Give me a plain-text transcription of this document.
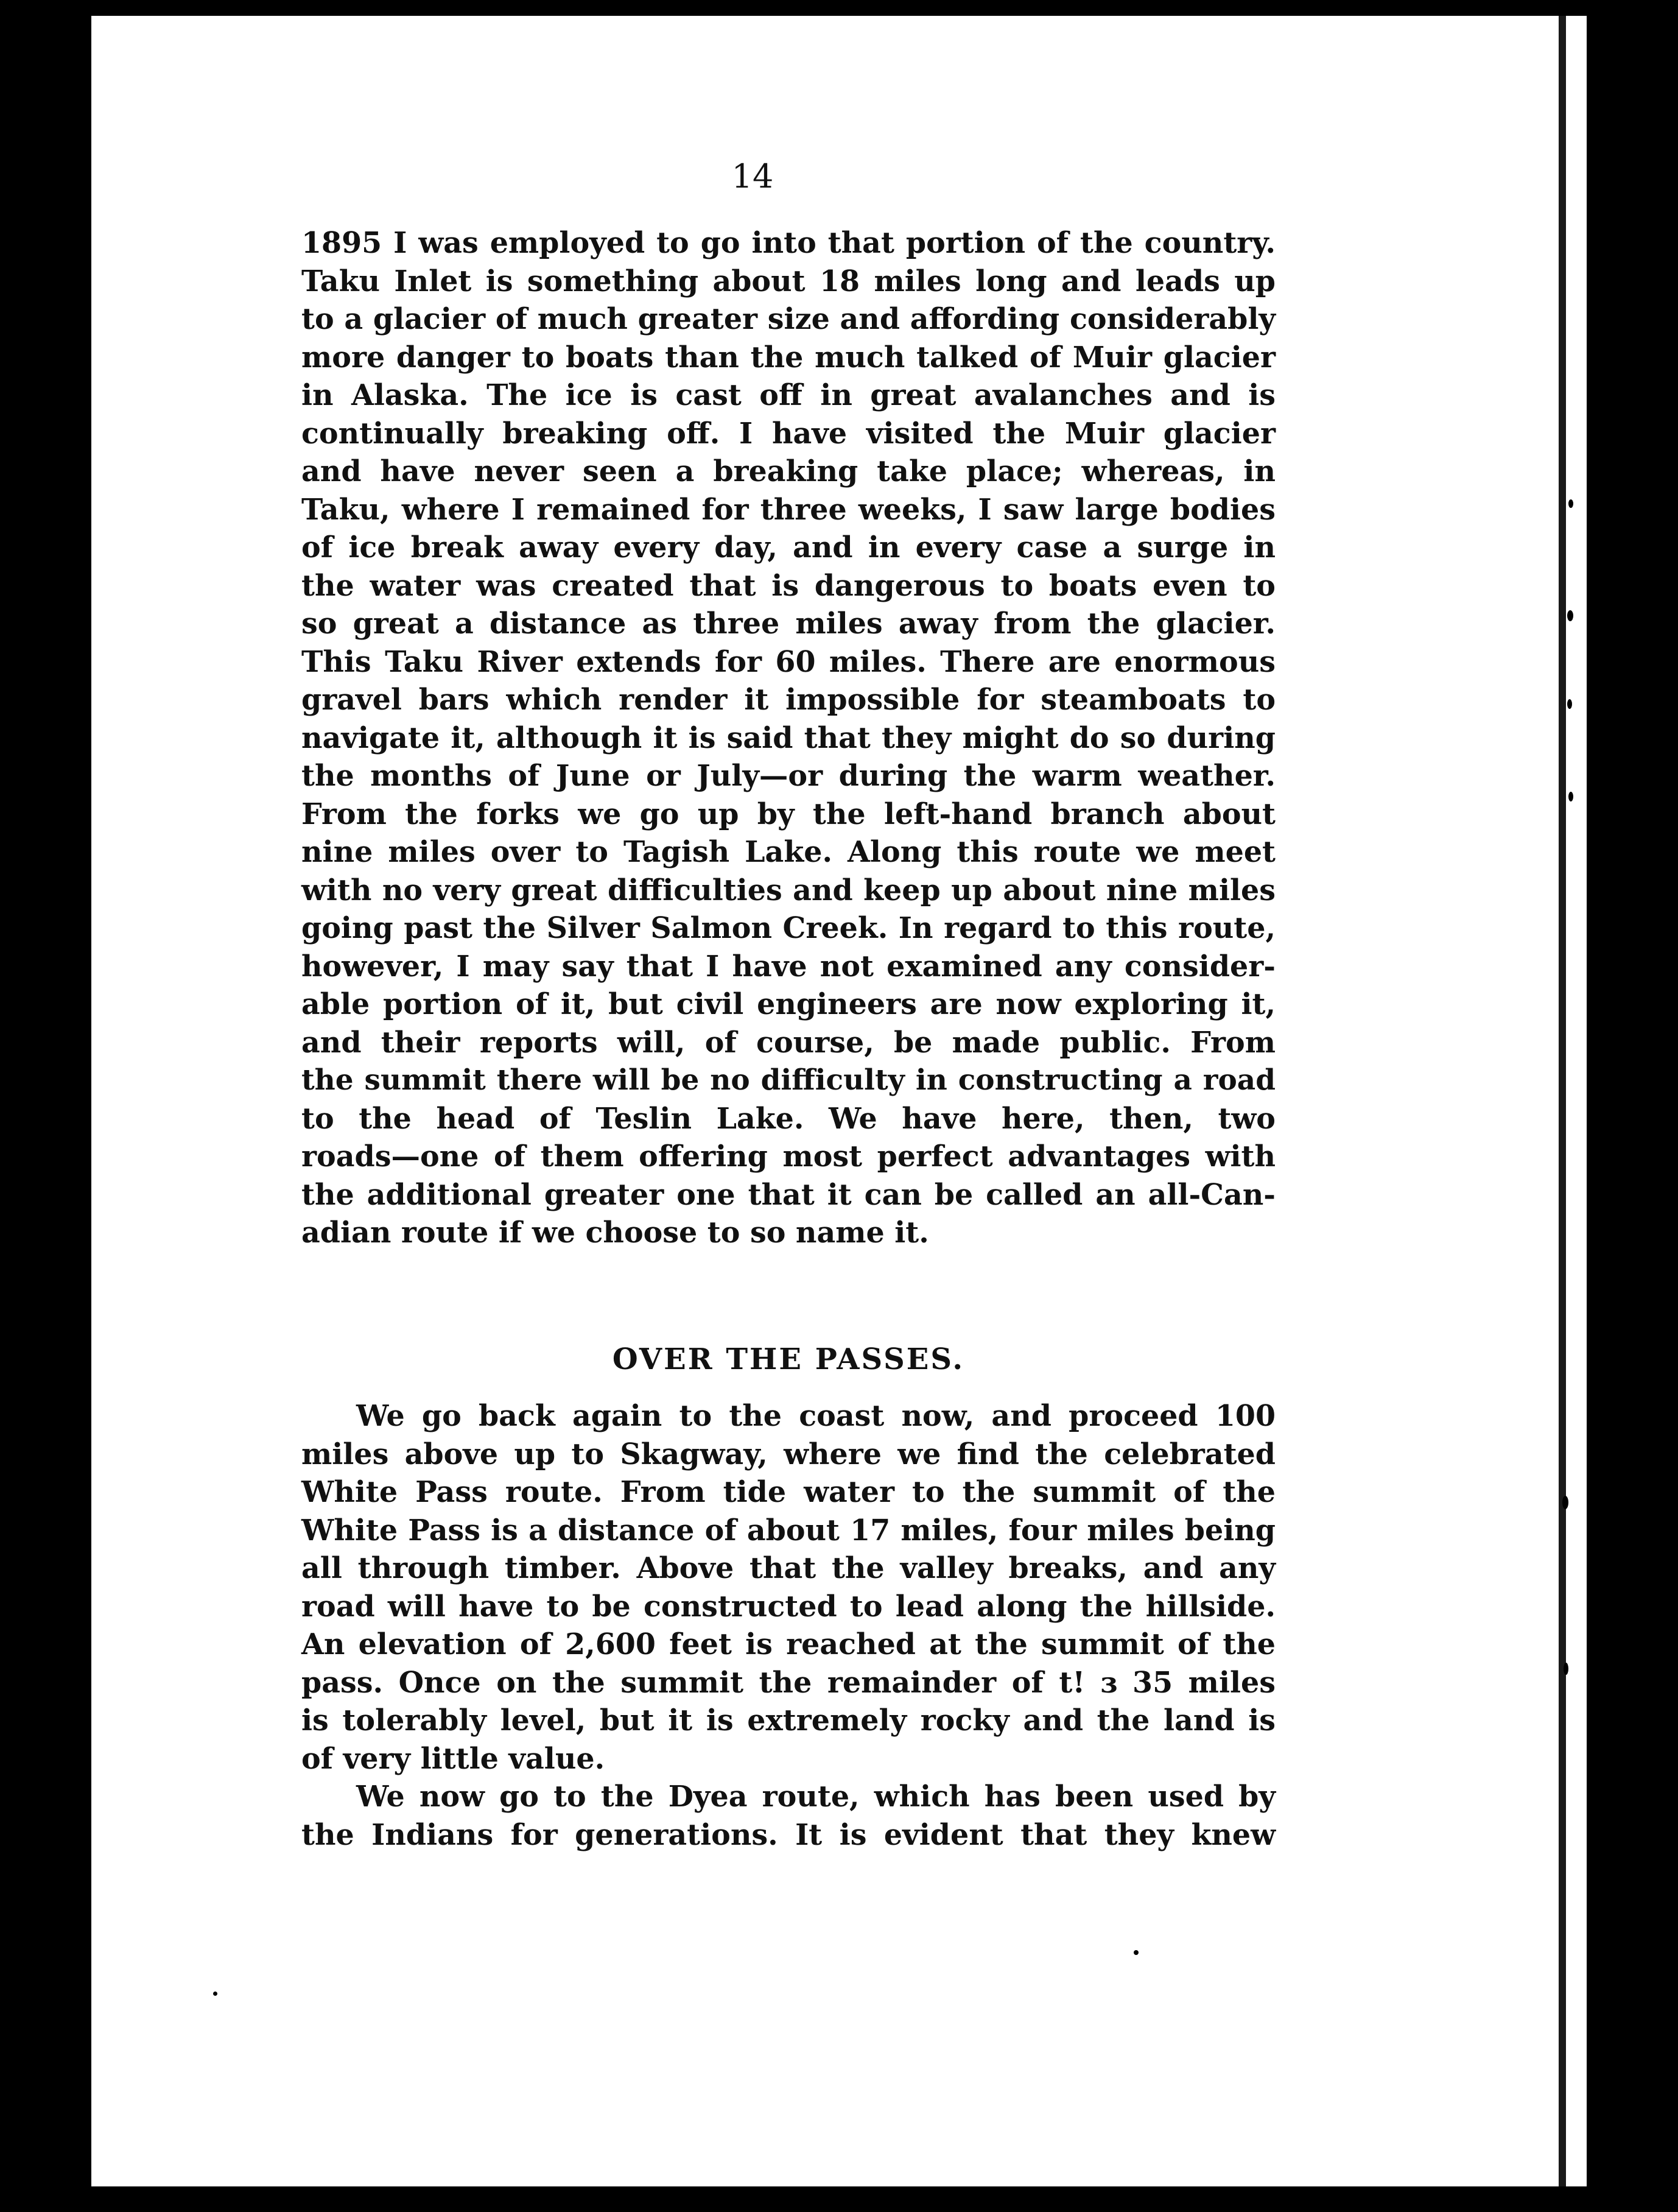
14

1895 I was employed to go into that portion of the country.
Taku Inlet is something about 18 miles long and leads up
to a glacier of much greater size and affording considerably
more danger to boats than the much talked of Muir glacier
in Alaska. The ice is cast off in great avalanches and is
continually breaking off. I have visited the Muir glacier
and have never seen a breaking take place; whereas, in
Taku, where I remained for three weeks, I saw large bodies
of ice break away every day, and in every case a surge in
the water was created that is dangerous to boats even to
so great a distance as three miles away from the glacier.
This Taku River extends for 60 miles. There are enormous
gravel bars which render it impossible for steamboats to
navigate it, although it is said that they might do so during
the months of June or July—or during the warm weather.
From the forks we go up by the left-hand branch about
nine miles over to Tagish Lake. Along this route we meet
with no very great difficulties and keep up about nine miles
going past the Silver Salmon Creek. In regard to this route,
however, I may say that I have not examined any consider-
able portion of it, but civil engineers are now exploring it,
and their reports will, of course, be made public. From
the summit there will be no difficulty in constructing a road
to the head of Teslin Lake. We have here, then, two
roads—one of them offering most perfect advantages with
the additional greater one that it can be called an all-Can-
adian route if we choose to so name it.
OVER THE PASSES.
We go back again to the coast now, and proceed 100
miles above up to Skagway, where we find the celebrated
White Pass route. From tide water to the summit of the
White Pass is a distance of about 17 miles, four miles being
all through timber. Above that the valley breaks, and any
road will have to be constructed to lead along the hillside.
An elevation of 2,600 feet is reached at the summit of the
pass. Once on the summit the remainder of t! ɜ 35 miles
is tolerably level, but it is extremely rocky and the land is
of very little value.
We now go to the Dyea route, which has been used by
the Indians for generations. It is evident that they knew
